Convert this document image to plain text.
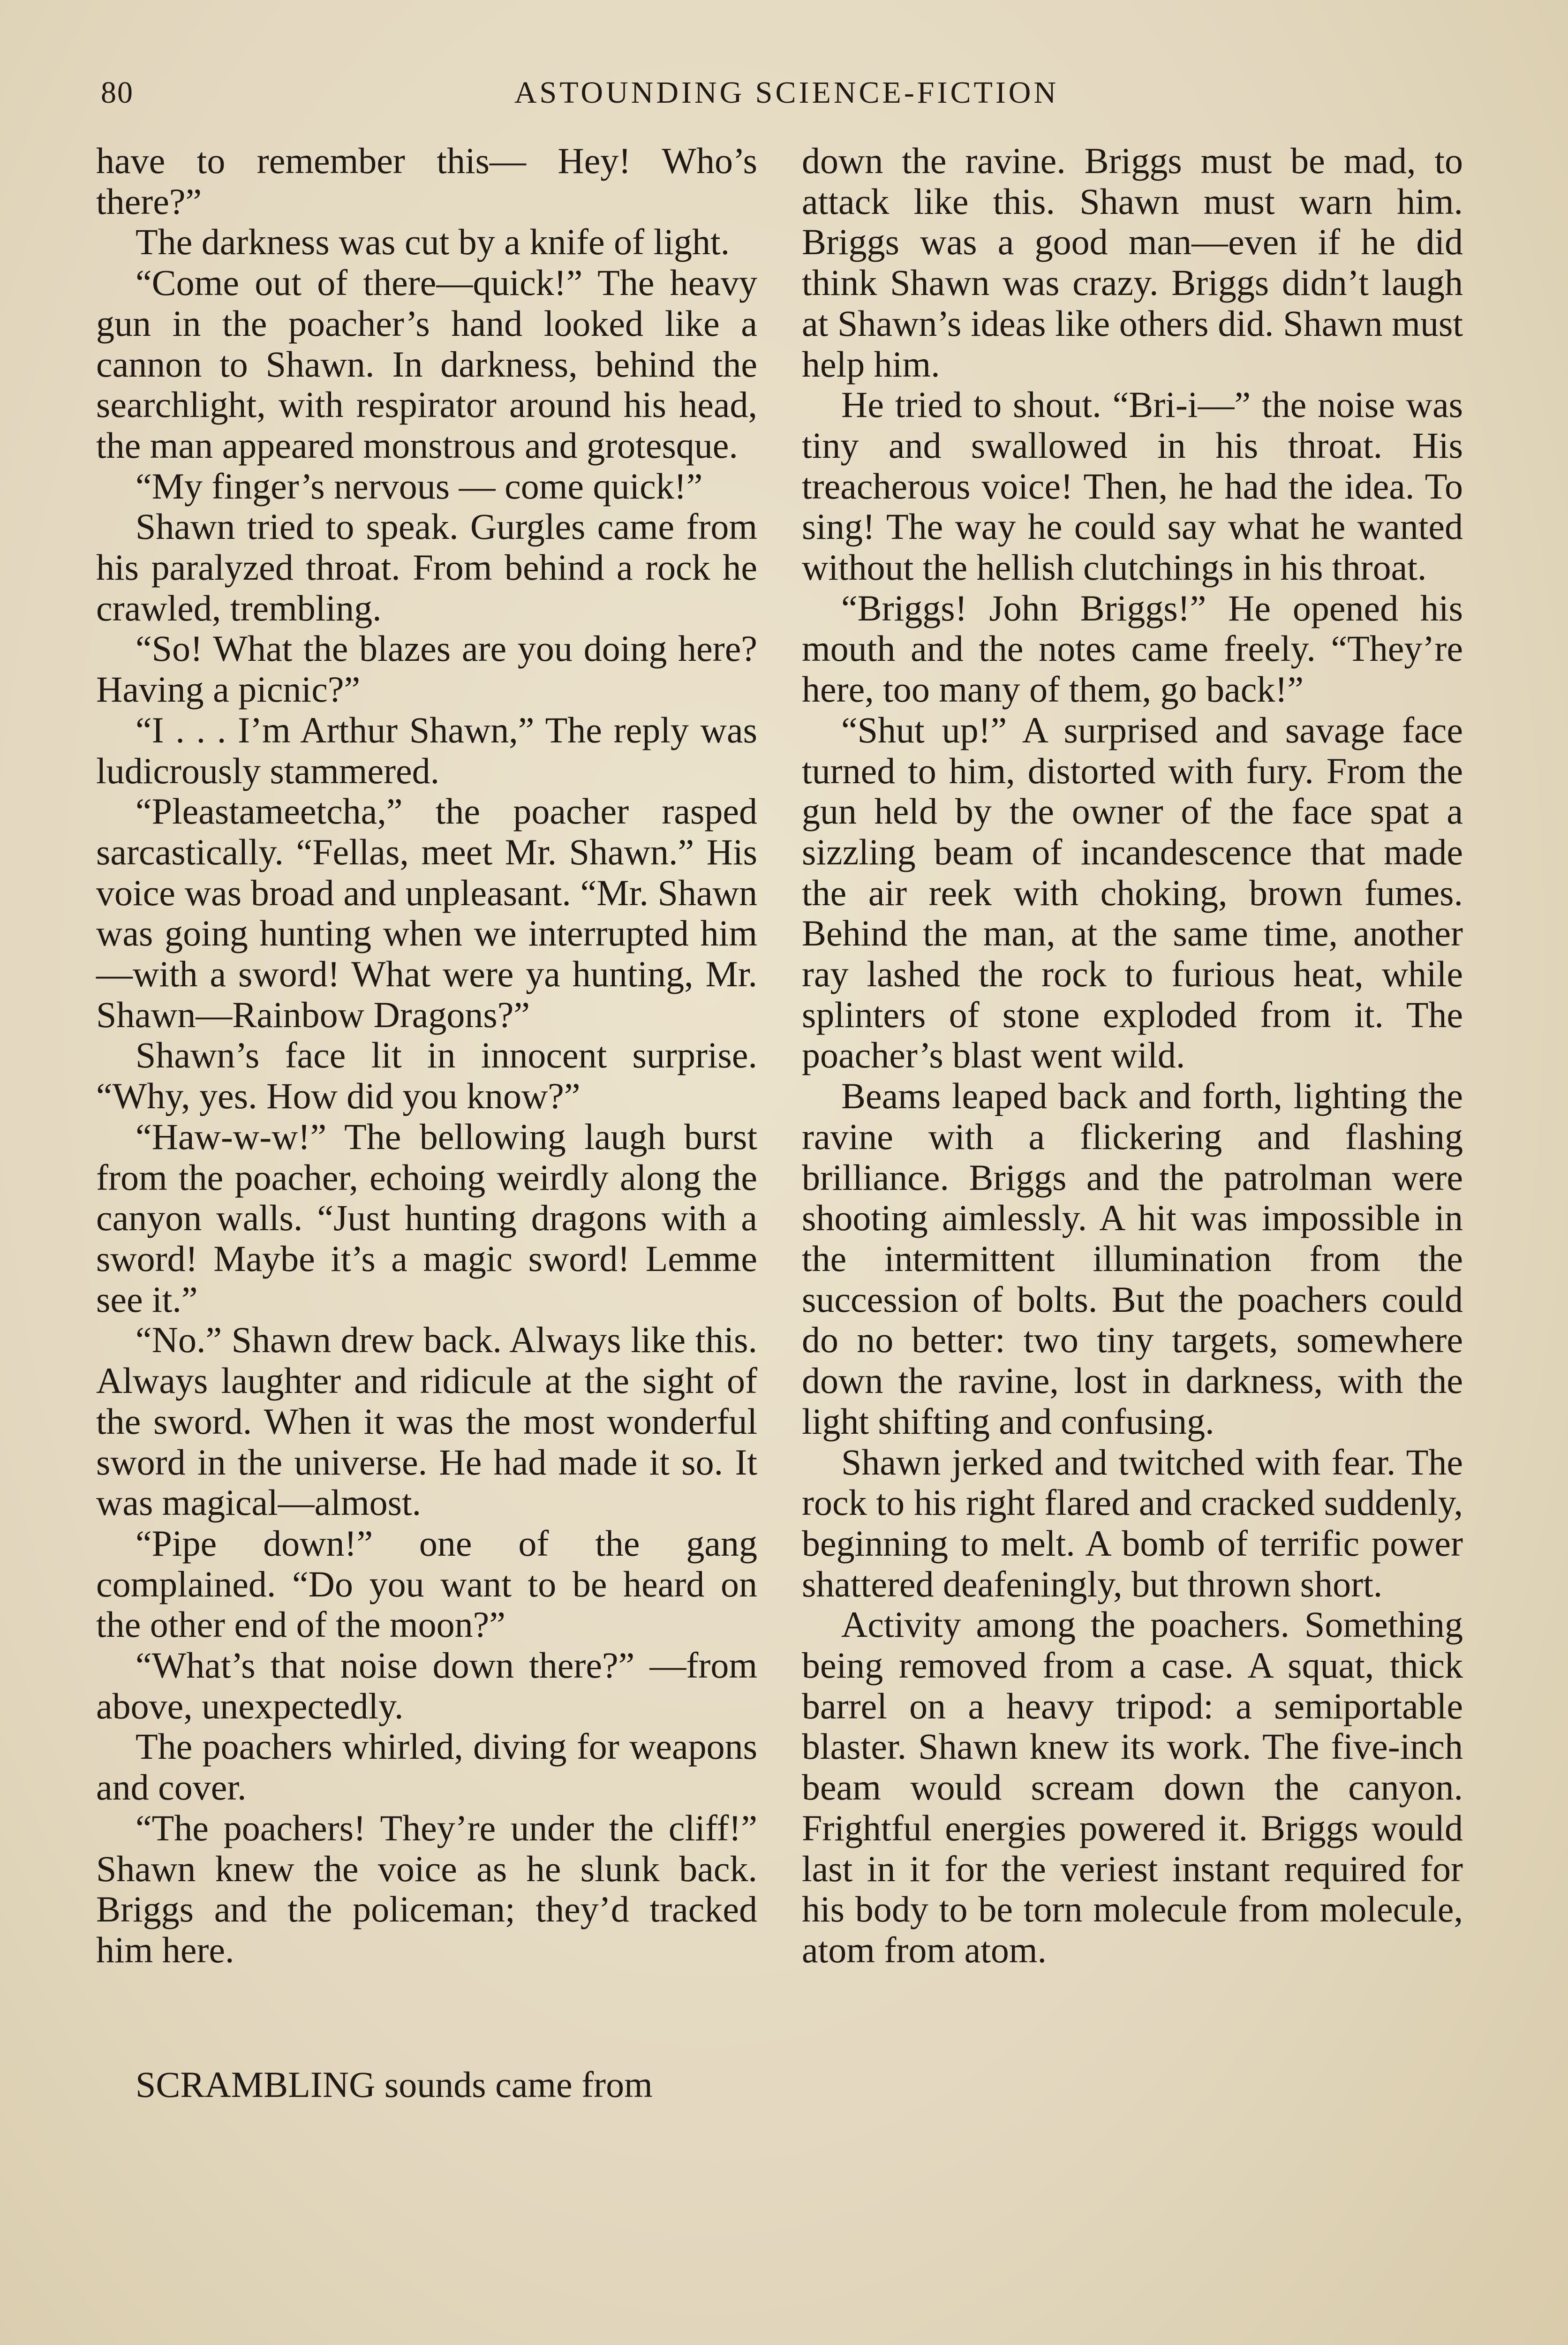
80	ASTOUNDING SCIENCE-FICTION

have to remember this— Hey! Who’s there?”

The darkness was cut by a knife of light.

“Come out of there—quick!” The heavy gun in the poacher’s hand looked like a cannon to Shawn. In darkness, behind the searchlight, with respirator around his head, the man appeared monstrous and grotesque.

“My finger’s nervous — come quick!”

Shawn tried to speak. Gurgles came from his paralyzed throat. From behind a rock he crawled, trembling.

“So! What the blazes are you doing here? Having a picnic?”

“I . . . I’m Arthur Shawn,” The reply was ludicrously stammered.

“Pleastameetcha,” the poacher rasped sarcastically. “Fellas, meet Mr. Shawn.” His voice was broad and unpleasant. “Mr. Shawn was going hunting when we interrupted him—with a sword! What were ya hunting, Mr. Shawn—Rainbow Dragons?”

Shawn’s face lit in innocent surprise. “Why, yes. How did you know?”

“Haw-w-w!” The bellowing laugh burst from the poacher, echoing weirdly along the canyon walls. “Just hunting dragons with a sword! Maybe it’s a magic sword! Lemme see it.”

“No.” Shawn drew back. Always like this. Always laughter and ridicule at the sight of the sword. When it was the most wonderful sword in the universe. He had made it so. It was magical—almost.

“Pipe down!” one of the gang complained. “Do you want to be heard on the other end of the moon?”

“What’s that noise down there?” —from above, unexpectedly.

The poachers whirled, diving for weapons and cover.

“The poachers! They’re under the cliff!” Shawn knew the voice as he slunk back. Briggs and the policeman; they’d tracked him here.

SCRAMBLING sounds came from

down the ravine. Briggs must be mad, to attack like this. Shawn must warn him. Briggs was a good man—even if he did think Shawn was crazy. Briggs didn’t laugh at Shawn’s ideas like others did. Shawn must help him.

He tried to shout. “Bri-i—” the noise was tiny and swallowed in his throat. His treacherous voice! Then, he had the idea. To sing! The way he could say what he wanted without the hellish clutchings in his throat.

“Briggs! John Briggs!” He opened his mouth and the notes came freely. “They’re here, too many of them, go back!”

“Shut up!” A surprised and savage face turned to him, distorted with fury. From the gun held by the owner of the face spat a sizzling beam of incandescence that made the air reek with choking, brown fumes. Behind the man, at the same time, another ray lashed the rock to furious heat, while splinters of stone exploded from it. The poacher’s blast went wild.

Beams leaped back and forth, lighting the ravine with a flickering and flashing brilliance. Briggs and the patrolman were shooting aimlessly. A hit was impossible in the intermittent illumination from the succession of bolts. But the poachers could do no better: two tiny targets, somewhere down the ravine, lost in darkness, with the light shifting and confusing.

Shawn jerked and twitched with fear. The rock to his right flared and cracked suddenly, beginning to melt. A bomb of terrific power shattered deafeningly, but thrown short.

Activity among the poachers. Something being removed from a case. A squat, thick barrel on a heavy tripod: a semiportable blaster. Shawn knew its work. The five-inch beam would scream down the canyon. Frightful energies powered it. Briggs would last in it for the veriest instant required for his body to be torn molecule from molecule, atom from atom.
